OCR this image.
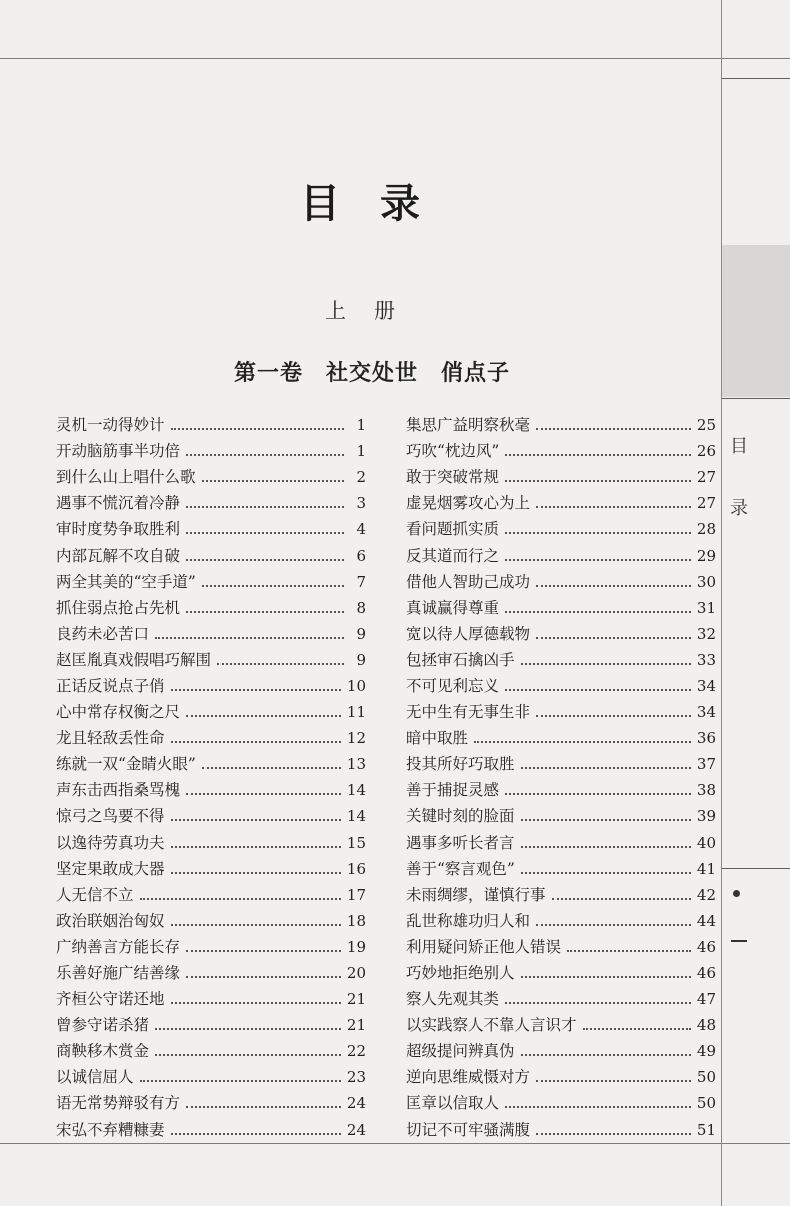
目
录
目录
上册
第一卷　社交处世　俏点子
灵机一动得妙计	1
开动脑筋事半功倍	1
到什么山上唱什么歌	2
遇事不慌沉着冷静	3
审时度势争取胜利	4
内部瓦解不攻自破	6
两全其美的“空手道”	7
抓住弱点抢占先机	8
良药未必苦口	9
赵匡胤真戏假唱巧解围	9
正话反说点子俏	10
心中常存权衡之尺	11
龙且轻敌丢性命	12
练就一双“金睛火眼”	13
声东击西指桑骂槐	14
惊弓之鸟要不得	14
以逸待劳真功夫	15
坚定果敢成大器	16
人无信不立	17
政治联姻治匈奴	18
广纳善言方能长存	19
乐善好施广结善缘	20
齐桓公守诺还地	21
曾参守诺杀猪	21
商鞅移木赏金	22
以诚信屈人	23
语无常势辩驳有方	24
宋弘不弃糟糠妻	24
集思广益明察秋毫	25
巧吹“枕边风”	26
敢于突破常规	27
虚晃烟雾攻心为上	27
看问题抓实质	28
反其道而行之	29
借他人智助己成功	30
真诚赢得尊重	31
宽以待人厚德载物	32
包拯审石擒凶手	33
不可见利忘义	34
无中生有无事生非	34
暗中取胜	36
投其所好巧取胜	37
善于捕捉灵感	38
关键时刻的脸面	39
遇事多听长者言	40
善于“察言观色”	41
未雨绸缪，谨慎行事	42
乱世称雄功归人和	44
利用疑问矫正他人错误	46
巧妙地拒绝别人	46
察人先观其类	47
以实践察人不靠人言识才	48
超级提问辨真伪	49
逆向思维威慑对方	50
匡章以信取人	50
切记不可牢骚满腹	51
